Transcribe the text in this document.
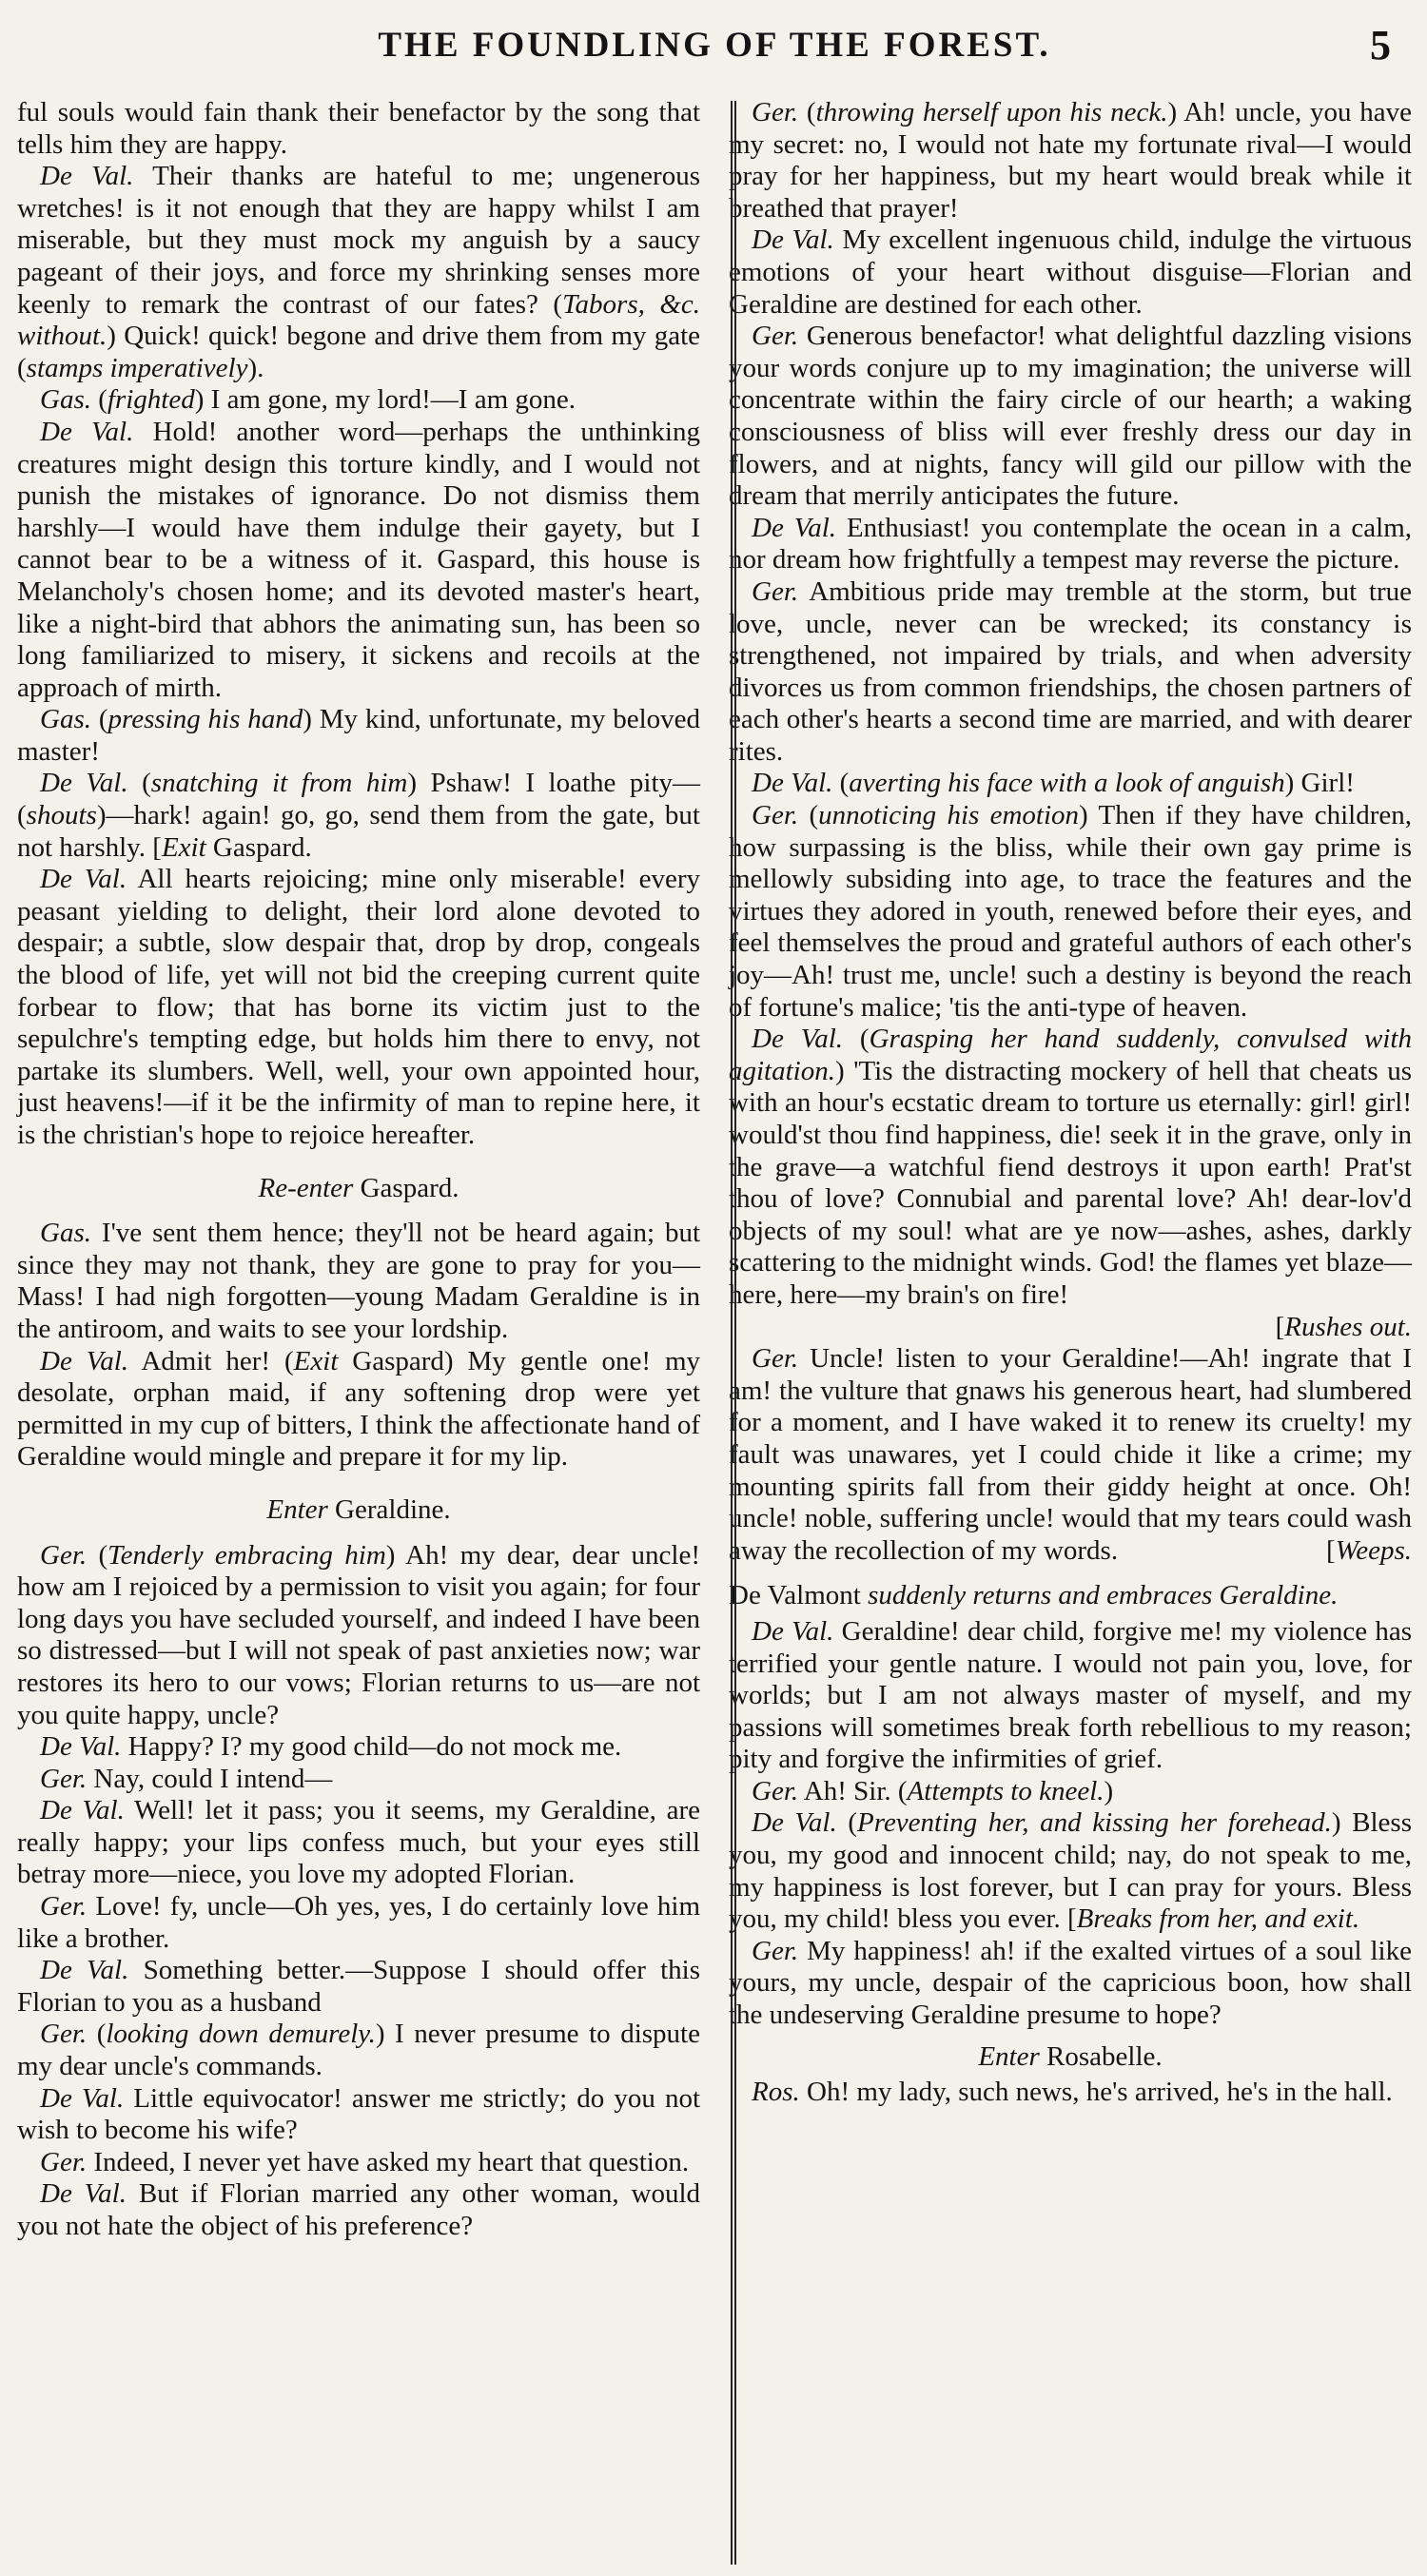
THE FOUNDLING OF THE FOREST.	5

ful souls would fain thank their benefactor by the song that tells him they are happy.

De Val. Their thanks are hateful to me; ungenerous wretches! is it not enough that they are happy whilst I am miserable, but they must mock my anguish by a saucy pageant of their joys, and force my shrinking senses more keenly to remark the contrast of our fates? (Tabors, &c. without.) Quick! quick! begone and drive them from my gate (stamps imperatively).

Gas. (frighted) I am gone, my lord!—I am gone.

De Val. Hold! another word—perhaps the unthinking creatures might design this torture kindly, and I would not punish the mistakes of ignorance. Do not dismiss them harshly—I would have them indulge their gayety, but I cannot bear to be a witness of it. Gaspard, this house is Melancholy's chosen home; and its devoted master's heart, like a night-bird that abhors the animating sun, has been so long familiarized to misery, it sickens and recoils at the approach of mirth.

Gas. (pressing his hand) My kind, unfortunate, my beloved master!

De Val. (snatching it from him) Pshaw! I loathe pity—(shouts)—hark! again! go, go, send them from the gate, but not harshly. [Exit Gaspard.

De Val. All hearts rejoicing; mine only miserable! every peasant yielding to delight, their lord alone devoted to despair; a subtle, slow despair that, drop by drop, congeals the blood of life, yet will not bid the creeping current quite forbear to flow; that has borne its victim just to the sepulchre's tempting edge, but holds him there to envy, not partake its slumbers. Well, well, your own appointed hour, just heavens!—if it be the infirmity of man to repine here, it is the christian's hope to rejoice hereafter.

Re-enter Gaspard.

Gas. I've sent them hence; they'll not be heard again; but since they may not thank, they are gone to pray for you—Mass! I had nigh forgotten—young Madam Geraldine is in the antiroom, and waits to see your lordship.

De Val. Admit her! (Exit Gaspard) My gentle one! my desolate, orphan maid, if any softening drop were yet permitted in my cup of bitters, I think the affectionate hand of Geraldine would mingle and prepare it for my lip.

Enter Geraldine.

Ger. (Tenderly embracing him) Ah! my dear, dear uncle! how am I rejoiced by a permission to visit you again; for four long days you have secluded yourself, and indeed I have been so distressed—but I will not speak of past anxieties now; war restores its hero to our vows; Florian returns to us—are not you quite happy, uncle?

De Val. Happy? I? my good child—do not mock me.

Ger. Nay, could I intend—

De Val. Well! let it pass; you it seems, my Geraldine, are really happy; your lips confess much, but your eyes still betray more—niece, you love my adopted Florian.

Ger. Love! fy, uncle—Oh yes, yes, I do certainly love him like a brother.

De Val. Something better.—Suppose I should offer this Florian to you as a husband

Ger. (looking down demurely.) I never presume to dispute my dear uncle's commands.

De Val. Little equivocator! answer me strictly; do you not wish to become his wife?

Ger. Indeed, I never yet have asked my heart that question.

De Val. But if Florian married any other woman, would you not hate the object of his preference?

Ger. (throwing herself upon his neck.) Ah! uncle, you have my secret: no, I would not hate my fortunate rival—I would pray for her happiness, but my heart would break while it breathed that prayer!

De Val. My excellent ingenuous child, indulge the virtuous emotions of your heart without disguise—Florian and Geraldine are destined for each other.

Ger. Generous benefactor! what delightful dazzling visions your words conjure up to my imagination; the universe will concentrate within the fairy circle of our hearth; a waking consciousness of bliss will ever freshly dress our day in flowers, and at nights, fancy will gild our pillow with the dream that merrily anticipates the future.

De Val. Enthusiast! you contemplate the ocean in a calm, nor dream how frightfully a tempest may reverse the picture.

Ger. Ambitious pride may tremble at the storm, but true love, uncle, never can be wrecked; its constancy is strengthened, not impaired by trials, and when adversity divorces us from common friendships, the chosen partners of each other's hearts a second time are married, and with dearer rites.

De Val. (averting his face with a look of anguish) Girl!

Ger. (unnoticing his emotion) Then if they have children, how surpassing is the bliss, while their own gay prime is mellowly subsiding into age, to trace the features and the virtues they adored in youth, renewed before their eyes, and feel themselves the proud and grateful authors of each other's joy—Ah! trust me, uncle! such a destiny is beyond the reach of fortune's malice; 'tis the anti-type of heaven.

De Val. (Grasping her hand suddenly, convulsed with agitation.) 'Tis the distracting mockery of hell that cheats us with an hour's ecstatic dream to torture us eternally: girl! girl! would'st thou find happiness, die! seek it in the grave, only in the grave—a watchful fiend destroys it upon earth! Prat'st thou of love? Connubial and parental love? Ah! dear-lov'd objects of my soul! what are ye now—ashes, ashes, darkly scattering to the midnight winds. God! the flames yet blaze—here, here—my brain's on fire!

[Rushes out.

Ger. Uncle! listen to your Geraldine!—Ah! ingrate that I am! the vulture that gnaws his generous heart, had slumbered for a moment, and I have waked it to renew its cruelty! my fault was unawares, yet I could chide it like a crime; my mounting spirits fall from their giddy height at once. Oh! uncle! noble, suffering uncle! would that my tears could wash away the recollection of my words.	[Weeps.

De Valmont suddenly returns and embraces Geraldine.

De Val. Geraldine! dear child, forgive me! my violence has terrified your gentle nature. I would not pain you, love, for worlds; but I am not always master of myself, and my passions will sometimes break forth rebellious to my reason; pity and forgive the infirmities of grief.

Ger. Ah! Sir. (Attempts to kneel.)

De Val. (Preventing her, and kissing her forehead.) Bless you, my good and innocent child; nay, do not speak to me, my happiness is lost forever, but I can pray for yours. Bless you, my child! bless you ever. [Breaks from her, and exit.

Ger. My happiness! ah! if the exalted virtues of a soul like yours, my uncle, despair of the capricious boon, how shall the undeserving Geraldine presume to hope?

Enter Rosabelle.

Ros. Oh! my lady, such news, he's arrived, he's in the hall.
